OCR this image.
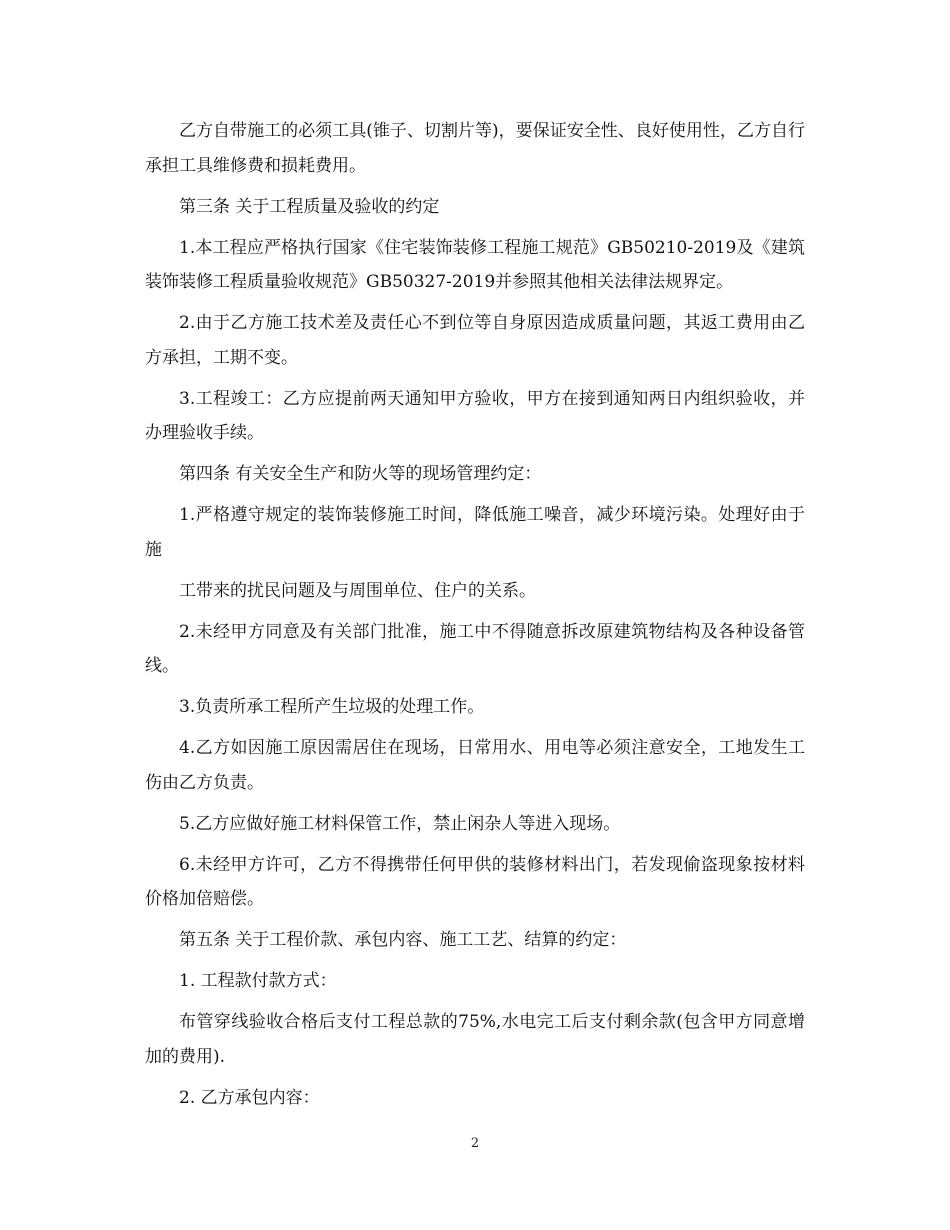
乙方自带施工的必须工具(锥子、切割片等)，要保证安全性、良好使用性，乙方自行承担工具维修费和损耗费用。

第三条 关于工程质量及验收的约定

1.本工程应严格执行国家《住宅装饰装修工程施工规范》GB50210-2019及《建筑装饰装修工程质量验收规范》GB50327-2019并参照其他相关法律法规界定。

2.由于乙方施工技术差及责任心不到位等自身原因造成质量问题，其返工费用由乙方承担，工期不变。

3.工程竣工：乙方应提前两天通知甲方验收，甲方在接到通知两日内组织验收，并办理验收手续。

第四条 有关安全生产和防火等的现场管理约定：

1.严格遵守规定的装饰装修施工时间，降低施工噪音，减少环境污染。处理好由于施

工带来的扰民问题及与周围单位、住户的关系。

2.未经甲方同意及有关部门批准，施工中不得随意拆改原建筑物结构及各种设备管线。

3.负责所承工程所产生垃圾的处理工作。

4.乙方如因施工原因需居住在现场，日常用水、用电等必须注意安全，工地发生工伤由乙方负责。

5.乙方应做好施工材料保管工作，禁止闲杂人等进入现场。

6.未经甲方许可，乙方不得携带任何甲供的装修材料出门，若发现偷盗现象按材料价格加倍赔偿。

第五条 关于工程价款、承包内容、施工工艺、结算的约定：

1. 工程款付款方式：

布管穿线验收合格后支付工程总款的75%,水电完工后支付剩余款(包含甲方同意增加的费用).

2. 乙方承包内容：

2
